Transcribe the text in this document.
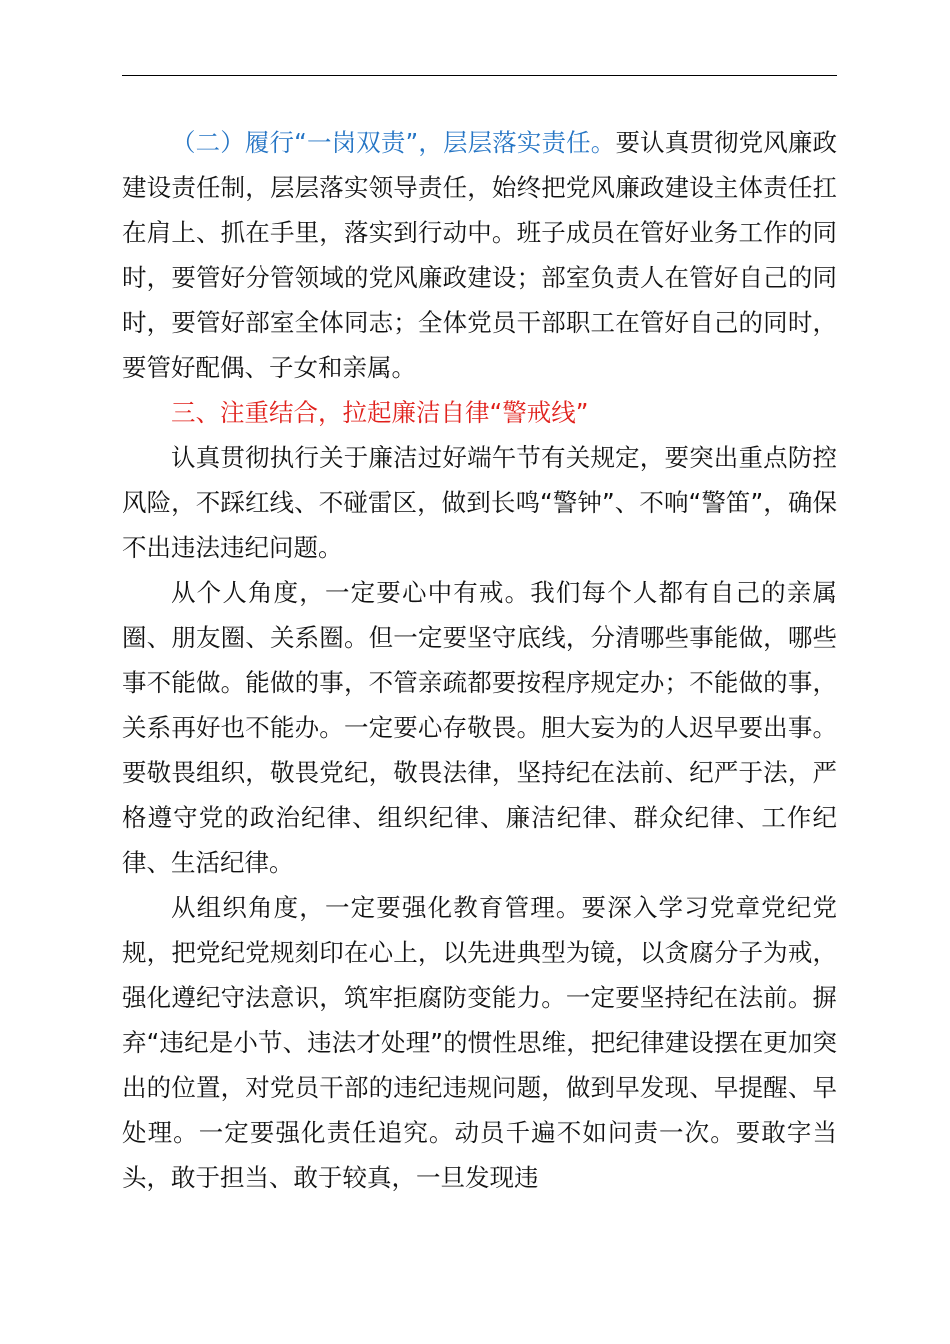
（二）履行“一岗双责”，层层落实责任。要认真贯彻党风廉政建设责任制，层层落实领导责任，始终把党风廉政建设主体责任扛在肩上、抓在手里，落实到行动中。班子成员在管好业务工作的同时，要管好分管领域的党风廉政建设；部室负责人在管好自己的同时，要管好部室全体同志；全体党员干部职工在管好自己的同时，要管好配偶、子女和亲属。

三、注重结合，拉起廉洁自律“警戒线”

认真贯彻执行关于廉洁过好端午节有关规定，要突出重点防控风险，不踩红线、不碰雷区，做到长鸣“警钟”、不响“警笛”，确保不出违法违纪问题。

从个人角度，一定要心中有戒。我们每个人都有自己的亲属圈、朋友圈、关系圈。但一定要坚守底线，分清哪些事能做，哪些事不能做。能做的事，不管亲疏都要按程序规定办；不能做的事，关系再好也不能办。一定要心存敬畏。胆大妄为的人迟早要出事。要敬畏组织，敬畏党纪，敬畏法律，坚持纪在法前、纪严于法，严格遵守党的政治纪律、组织纪律、廉洁纪律、群众纪律、工作纪律、生活纪律。

从组织角度，一定要强化教育管理。要深入学习党章党纪党规，把党纪党规刻印在心上，以先进典型为镜，以贪腐分子为戒，强化遵纪守法意识，筑牢拒腐防变能力。一定要坚持纪在法前。摒弃“违纪是小节、违法才处理”的惯性思维，把纪律建设摆在更加突出的位置，对党员干部的违纪违规问题，做到早发现、早提醒、早处理。一定要强化责任追究。动员千遍不如问责一次。要敢字当头，敢于担当、敢于较真，一旦发现违
